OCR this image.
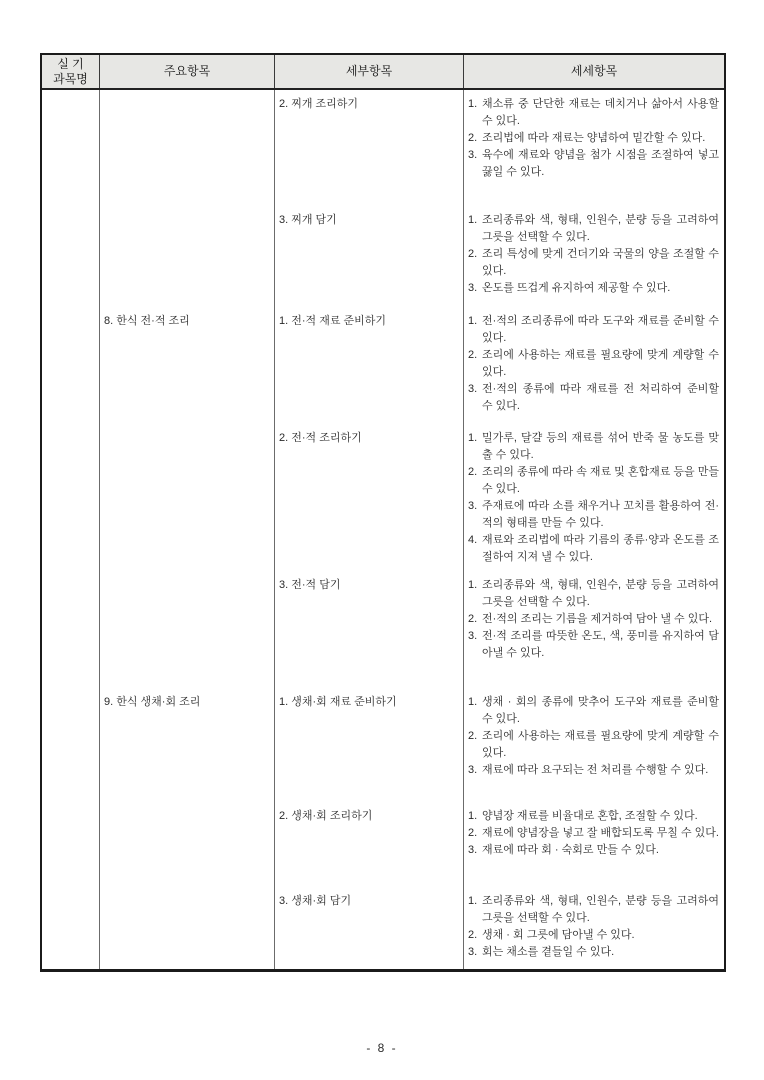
실 기
과목명
주요항목	세부항목	세세항목
8. 한식 전·적 조리
9. 한식 생채·회 조리
2. 찌개 조리하기
3. 찌개 담기
1. 전·적 재료 준비하기
2. 전·적 조리하기
3. 전·적 담기
1. 생채·회 재료 준비하기
2. 생채·회 조리하기
3. 생채·회 담기
1. 채소류 중 단단한 재료는 데치거나 삶아서 사용할 수 있다.
2. 조리법에 따라 재료는 양념하여 밑간할 수 있다.
3. 육수에 재료와 양념을 첨가 시점을 조절하여 넣고 끓일 수 있다.
1. 조리종류와 색, 형태, 인원수, 분량 등을 고려하여 그릇을 선택할 수 있다.
2. 조리 특성에 맞게 건더기와 국물의 양을 조절할 수 있다.
3. 온도를 뜨겁게 유지하여 제공할 수 있다.
1. 전·적의 조리종류에 따라 도구와 재료를 준비할 수 있다.
2. 조리에 사용하는 재료를 필요량에 맞게 계량할 수 있다.
3. 전·적의 종류에 따라 재료를 전 처리하여 준비할 수 있다.
1. 밀가루, 달걀 등의 재료를 섞어 반죽 물 농도를 맞출 수 있다.
2. 조리의 종류에 따라 속 재료 및 혼합재료 등을 만들 수 있다.
3. 주재료에 따라 소를 채우거나 꼬치를 활용하여 전·적의 형태를 만들 수 있다.
4. 재료와 조리법에 따라 기름의 종류·양과 온도를 조절하여 지져 낼 수 있다.
1. 조리종류와 색, 형태, 인원수, 분량 등을 고려하여 그릇을 선택할 수 있다.
2. 전·적의 조리는 기름을 제거하여 담아 낼 수 있다.
3. 전·적 조리를 따뜻한 온도, 색, 풍미를 유지하여 담아낼 수 있다.
1. 생채 · 회의 종류에 맞추어 도구와 재료를 준비할 수 있다.
2. 조리에 사용하는 재료를 필요량에 맞게 계량할 수 있다.
3. 재료에 따라 요구되는 전 처리를 수행할 수 있다.
1. 양념장 재료를 비율대로 혼합, 조절할 수 있다.
2. 재료에 양념장을 넣고 잘 배합되도록 무칠 수 있다.
3. 재료에 따라 회 · 숙회로 만들 수 있다.
1. 조리종류와 색, 형태, 인원수, 분량 등을 고려하여 그릇을 선택할 수 있다.
2. 생채 · 회 그릇에 담아낼 수 있다.
3. 회는 채소를 곁들일 수 있다.
- 8 -
